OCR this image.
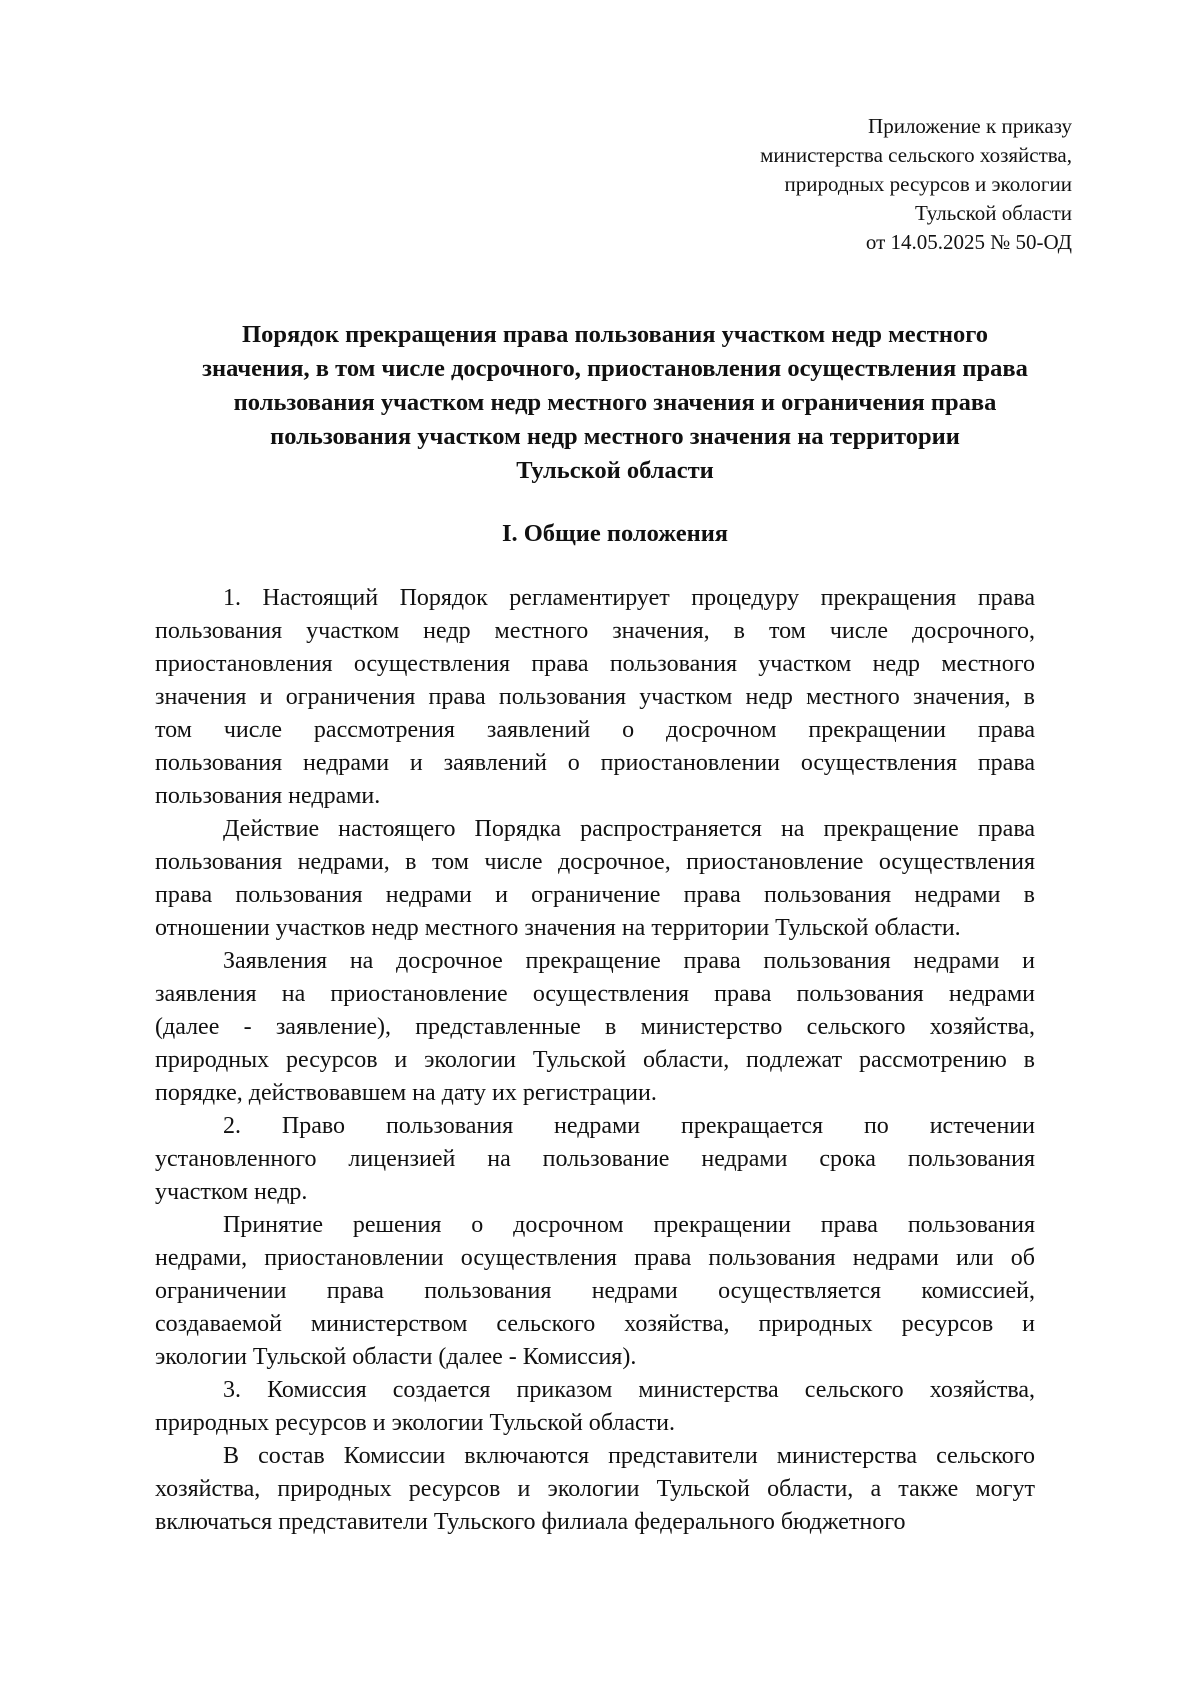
Приложение к приказу
министерства сельского хозяйства,
природных ресурсов и экологии
Тульской области
от 14.05.2025 № 50-ОД
Порядок прекращения права пользования участком недр местного
значения, в том числе досрочного, приостановления осуществления права
пользования участком недр местного значения и ограничения права
пользования участком недр местного значения на территории
Тульской области
I. Общие положения
1. Настоящий Порядок регламентирует процедуру прекращения права
пользования участком недр местного значения, в том числе досрочного,
приостановления осуществления права пользования участком недр местного
значения и ограничения права пользования участком недр местного значения, в
том числе рассмотрения заявлений о досрочном прекращении права
пользования недрами и заявлений о приостановлении осуществления права
пользования недрами.
Действие настоящего Порядка распространяется на прекращение права
пользования недрами, в том числе досрочное, приостановление осуществления
права пользования недрами и ограничение права пользования недрами в
отношении участков недр местного значения на территории Тульской области.
Заявления на досрочное прекращение права пользования недрами и
заявления на приостановление осуществления права пользования недрами
(далее - заявление), представленные в министерство сельского хозяйства,
природных ресурсов и экологии Тульской области, подлежат рассмотрению в
порядке, действовавшем на дату их регистрации.
2. Право пользования недрами прекращается по истечении
установленного лицензией на пользование недрами срока пользования
участком недр.
Принятие решения о досрочном прекращении права пользования
недрами, приостановлении осуществления права пользования недрами или об
ограничении права пользования недрами осуществляется комиссией,
создаваемой министерством сельского хозяйства, природных ресурсов и
экологии Тульской области (далее - Комиссия).
3. Комиссия создается приказом министерства сельского хозяйства,
природных ресурсов и экологии Тульской области.
В состав Комиссии включаются представители министерства сельского
хозяйства, природных ресурсов и экологии Тульской области, а также могут
включаться представители Тульского филиала федерального бюджетного
